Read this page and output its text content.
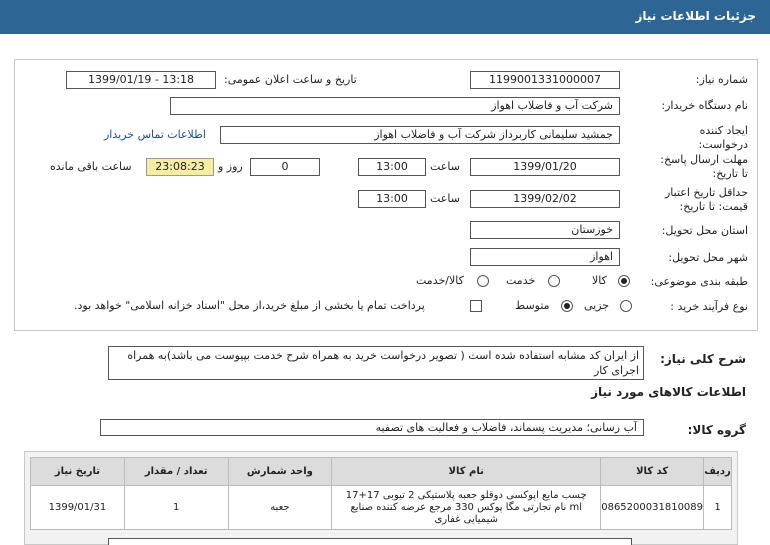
جزئیات اطلاعات نیاز
شماره نیاز:
1199001331000007
تاریخ و ساعت اعلان عمومی:
1399/01/19 - 13:18
نام دستگاه خریدار:
شرکت آب و فاضلاب اهواز
ایجاد کننده
درخواست:
جمشید سلیمانی کاربرداز شرکت آب و فاضلاب اهواز
اطلاعات تماس خریدار
مهلت ارسال پاسخ:
تا تاریخ:
1399/01/20
ساعت
13:00
0
روز و
23:08:23
ساعت باقی مانده
حداقل تاریخ اعتبار
قیمت: تا تاریخ:
1399/02/02
ساعت
13:00
استان محل تحویل:
خوزستان
شهر محل تحویل:
اهواز
طبقه بندی موضوعی:
کالا
خدمت
کالا/خدمت
نوع فرآیند خرید :
جزیی
متوسط
پرداخت تمام یا بخشی از مبلغ خرید،از محل "اسناد خزانه اسلامی" خواهد بود.
شرح کلی نیاز:
از ایران کد مشابه استفاده شده است ( تصویر درخواست خرید به همراه شرح خدمت بپیوست می باشد)به همراه اجرای کار
اطلاعات کالاهای مورد نیاز
گروه کالا:
آب رسانی؛ مدیریت پسماند، فاضلاب و فعالیت های تصفیه
ردیف	کد کالا	نام کالا	واحد شمارش	تعداد / مقدار	تاریخ نیاز
1	0865200031810089	چسب مایع اپوکسی دوقلو جعبه پلاستیکی 2 تیوبی 17+17 ml نام تجارتی مگا پوکس 330 مرجع عرضه کننده صنایع شیمیایی غفاری	جعبه	1	1399/01/31
